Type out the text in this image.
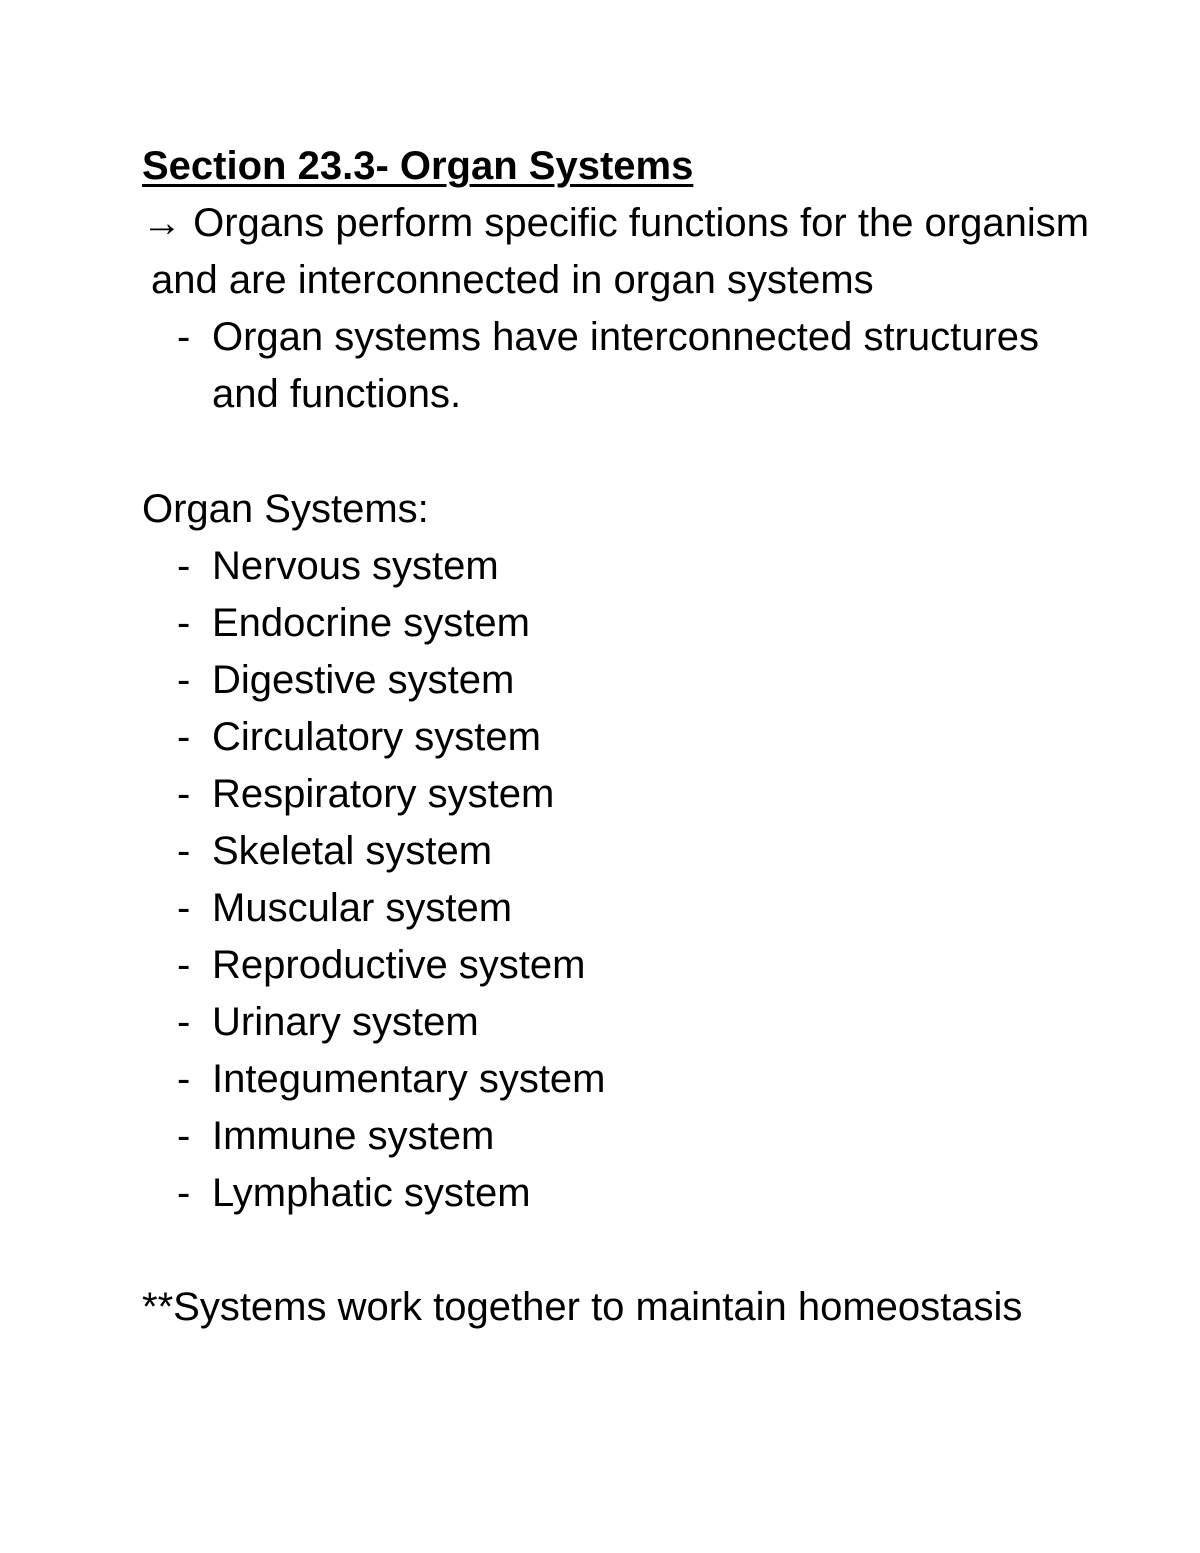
Section 23.3- Organ Systems

→ Organs perform specific functions for the organism

and are interconnected in organ systems

- Organ systems have interconnected structures

and functions.

Organ Systems:

- Nervous system
- Endocrine system
- Digestive system
- Circulatory system
- Respiratory system
- Skeletal system
- Muscular system
- Reproductive system
- Urinary system
- Integumentary system
- Immune system
- Lymphatic system

**Systems work together to maintain homeostasis
